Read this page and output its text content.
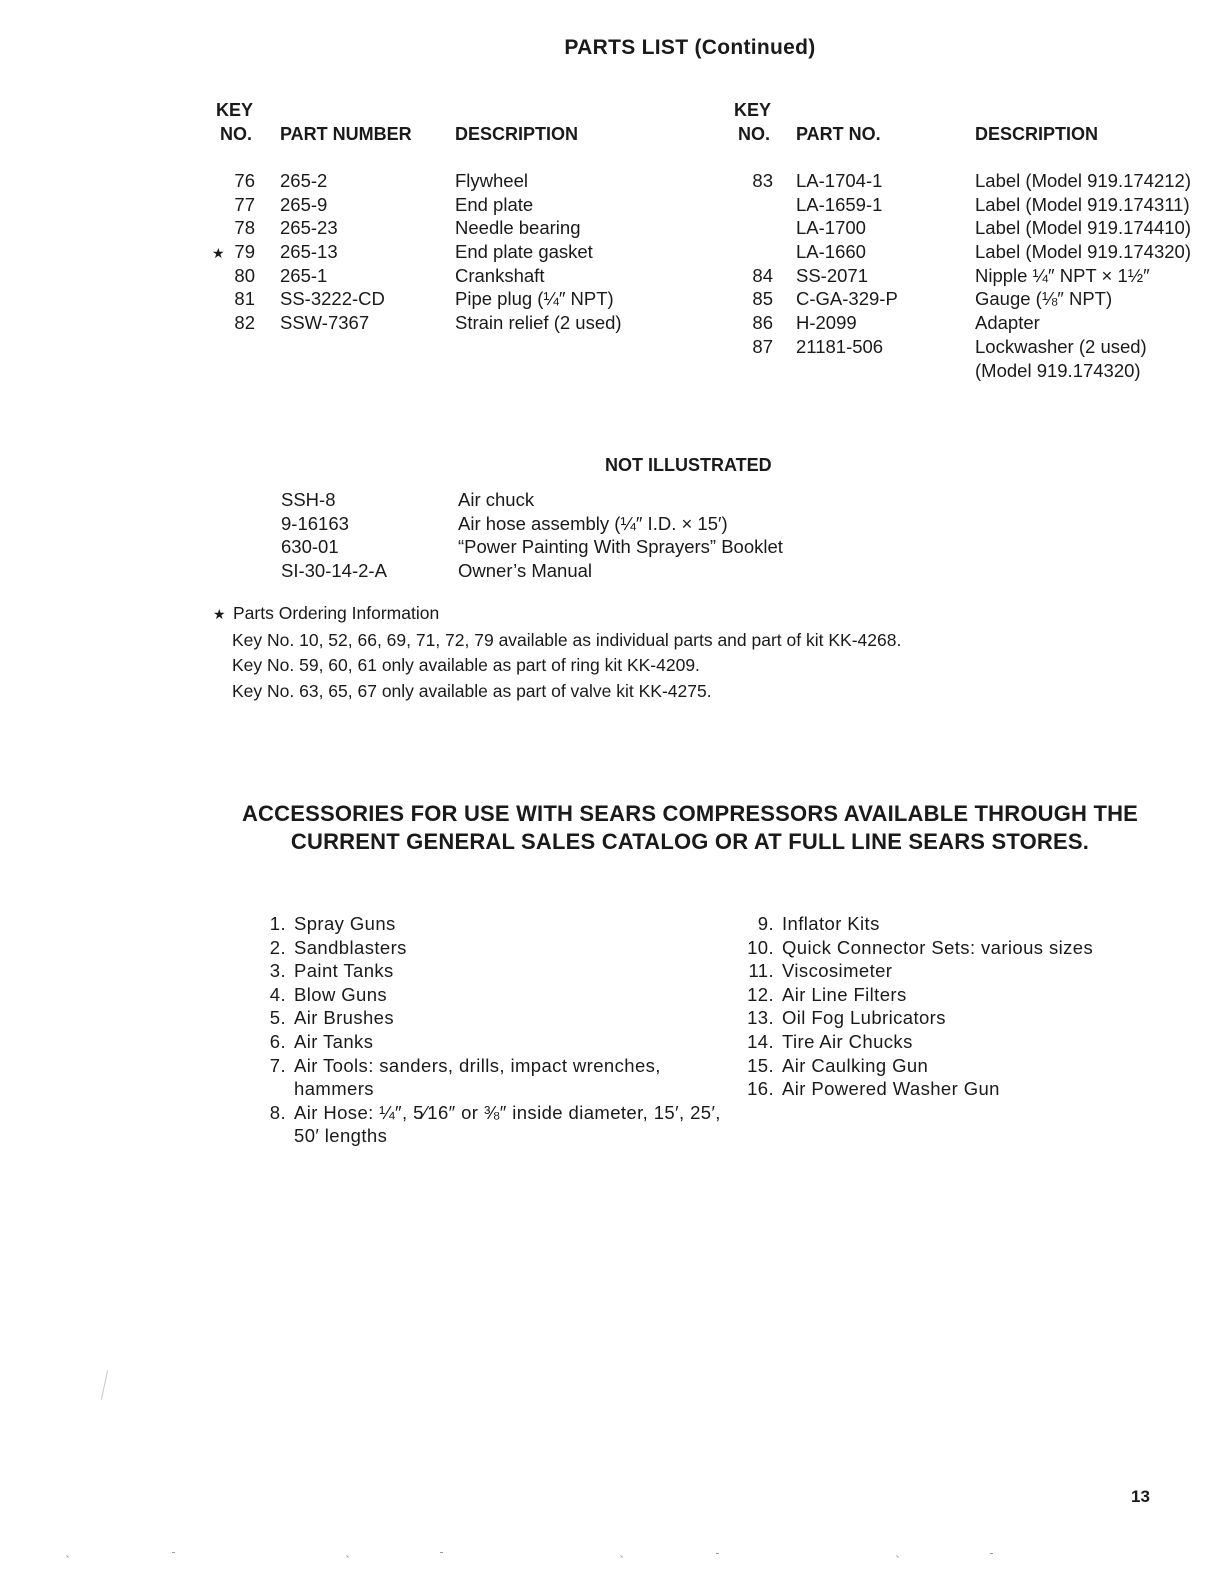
PARTS LIST (Continued)
KEY
NO. PART NUMBER DESCRIPTION
KEY
NO. PART NO.	DESCRIPTION
76 265-2	Flywheel
77 265-9	End plate
78 265-23	Needle bearing
★ 79 265-13	End plate gasket
80 265-1	Crankshaft
81 SS-3222-CD	Pipe plug (¼″ NPT)
82 SSW-7367	Strain relief (2 used)
83 LA-1704-1	Label (Model 919.174212)
LA-1659-1	Label (Model 919.174311)
LA-1700	Label (Model 919.174410)
LA-1660	Label (Model 919.174320)
84 SS-2071	Nipple ¼″ NPT × 1½″
85 C-GA-329-P	Gauge (⅛″ NPT)
86 H-2099	Adapter
87 21181-506	Lockwasher (2 used)
(Model 919.174320)
NOT ILLUSTRATED
SSH-8	Air chuck
9-16163	Air hose assembly (¼″ I.D. × 15′)
630-01	“Power Painting With Sprayers” Booklet
SI-30-14-2-A	Owner’s Manual
★ Parts Ordering Information
Key No. 10, 52, 66, 69, 71, 72, 79 available as individual parts and part of kit KK-4268.
Key No. 59, 60, 61 only available as part of ring kit KK-4209.
Key No. 63, 65, 67 only available as part of valve kit KK-4275.
ACCESSORIES FOR USE WITH SEARS COMPRESSORS AVAILABLE THROUGH THE
CURRENT GENERAL SALES CATALOG OR AT FULL LINE SEARS STORES.
1. Spray Guns
2. Sandblasters
3. Paint Tanks
4. Blow Guns
5. Air Brushes
6. Air Tanks
7. Air Tools: sanders, drills, impact wrenches, hammers
8. Air Hose: ¼″, 5⁄16″ or ⅜″ inside diameter, 15′, 25′, 50′ lengths
9. Inflator Kits
10. Quick Connector Sets: various sizes
11. Viscosimeter
12. Air Line Filters
13. Oil Fog Lubricators
14. Tire Air Chucks
15. Air Caulking Gun
16. Air Powered Washer Gun
13
